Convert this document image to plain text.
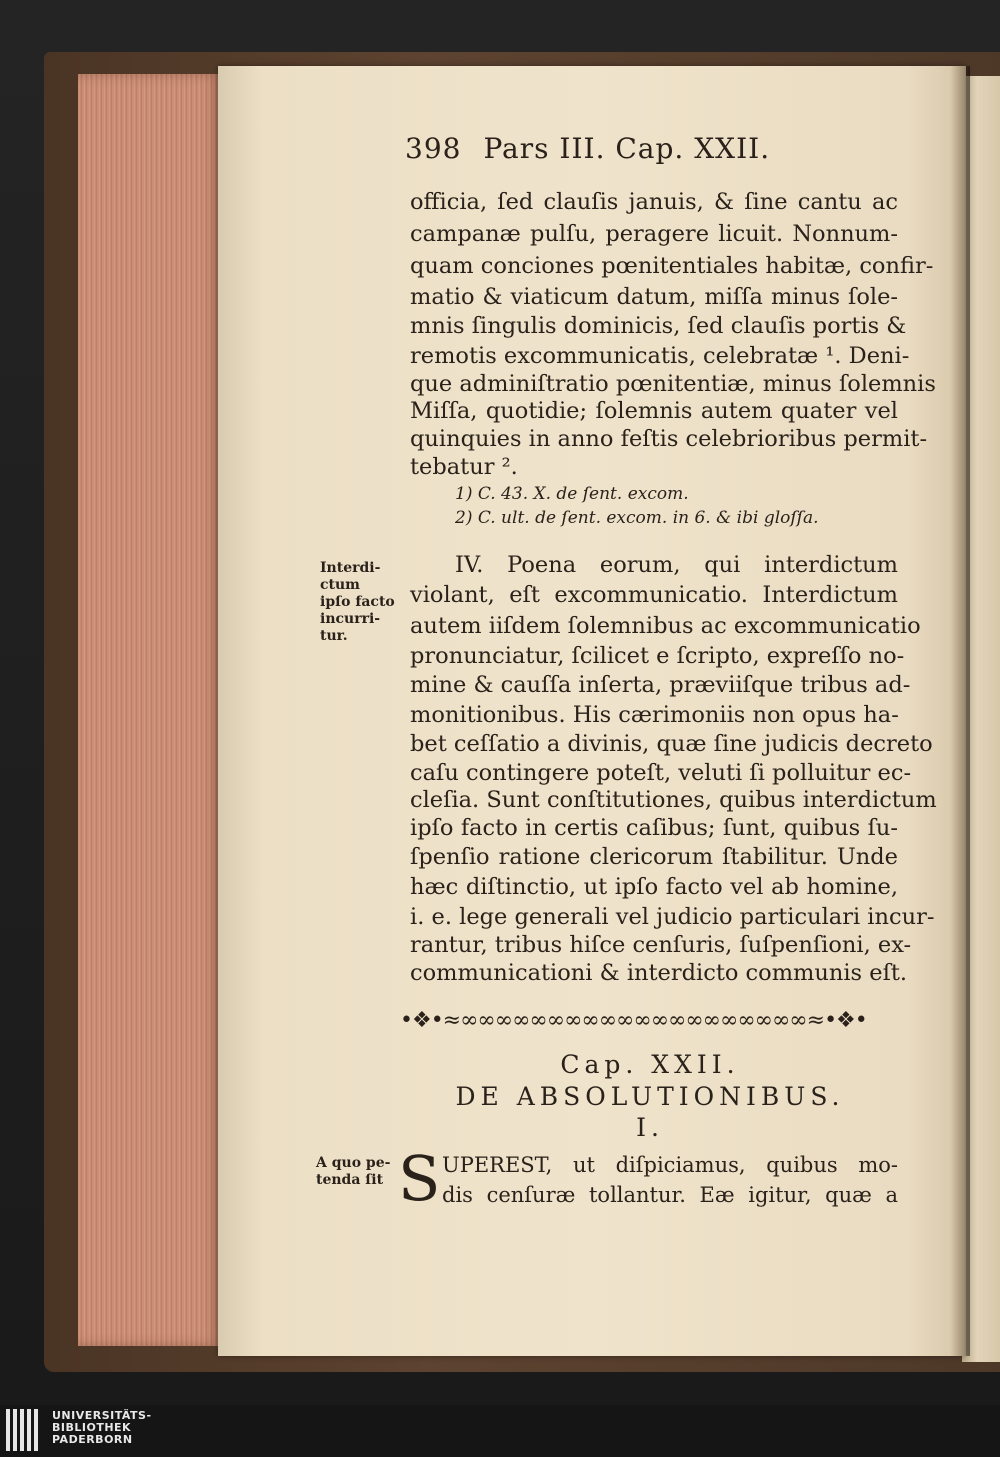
398 Pars III. Cap. XXII.
officia, ſed clauſis januis, & ſine cantu ac
campanæ pulſu, peragere licuit. Nonnum-
quam conciones pœnitentiales habitæ, confir-
matio & viaticum datum, miſſa minus ſole-
mnis ſingulis dominicis, ſed clauſis portis &
remotis excommunicatis, celebratæ ¹. Deni-
que adminiſtratio pœnitentiæ, minus ſolemnis
Miſſa, quotidie; ſolemnis autem quater vel
quinquies in anno feſtis celebrioribus permit-
tebatur ².
1) C. 43. X. de ſent. excom.
2) C. ult. de ſent. excom. in 6. & ibi gloſſa.
Interdi-
ctum
ipſo facto
incurri-
tur.
IV. Poena eorum, qui interdictum
violant, eſt excommunicatio. Interdictum
autem iiſdem ſolemnibus ac excommunicatio
pronunciatur, ſcilicet e ſcripto, expreſſo no-
mine & cauſſa inſerta, præviiſque tribus ad-
monitionibus. His cærimoniis non opus ha-
bet ceſſatio a divinis, quæ ſine judicis decreto
caſu contingere poteſt, veluti ſi polluitur ec-
cleſia. Sunt conſtitutiones, quibus interdictum
ipſo facto in certis caſibus; ſunt, quibus ſu-
ſpenſio ratione clericorum ſtabilitur. Unde
hæc diſtinctio, ut ipſo facto vel ab homine,
i. e. lege generali vel judicio particulari incur-
rantur, tribus hiſce cenſuris, ſuſpenſioni, ex-
communicationi & interdicto communis eſt.
•❖•≈∞∞∞∞∞∞∞∞∞∞∞∞∞∞∞∞∞∞∞∞≈•❖•
Cap. XXII.
DE ABSOLUTIONIBUS.
I.
A quo pe-
tenda ſit S UPEREST, ut diſpiciamus, quibus mo-
dis cenſuræ tollantur. Eæ igitur, quæ a
UNIVERSITÄTS-
BIBLIOTHEK
PADERBORN
